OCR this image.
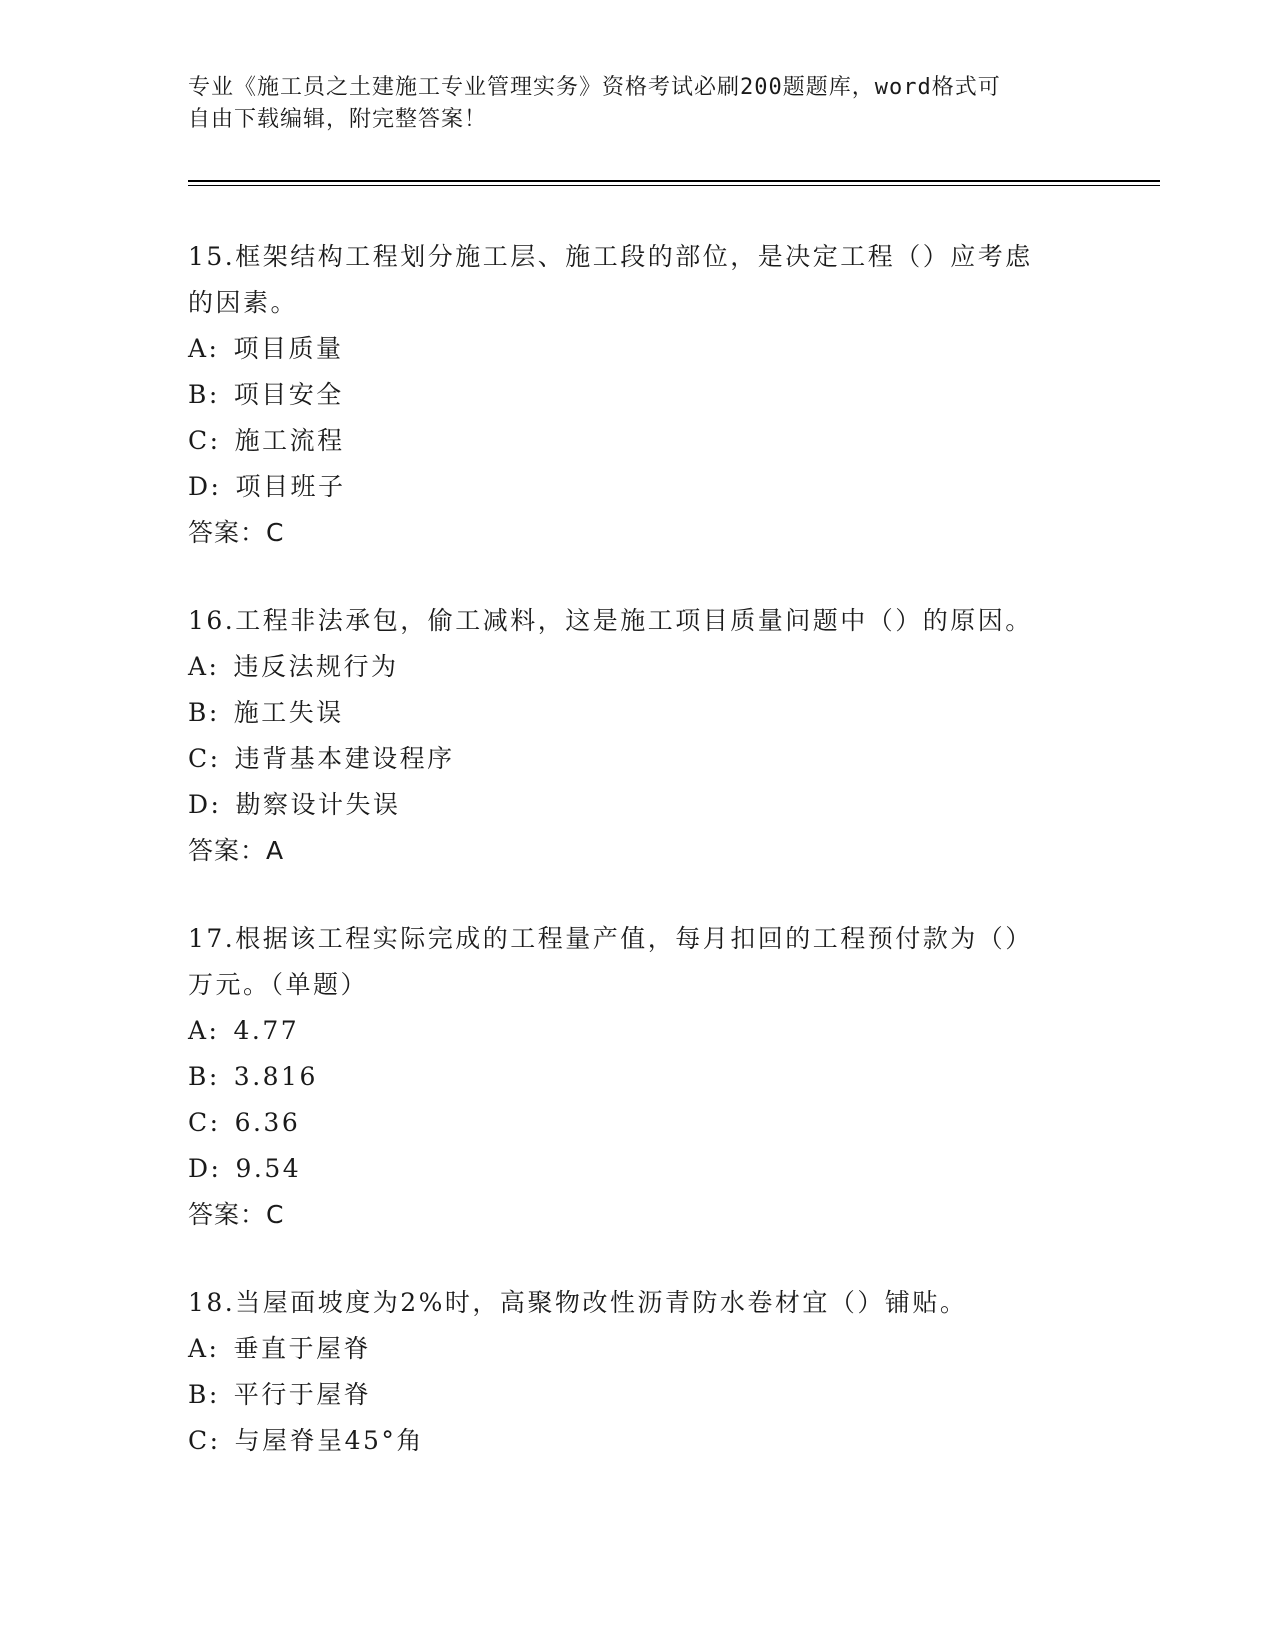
专业《施工员之土建施工专业管理实务》资格考试必刷200题题库，word格式可
自由下载编辑，附完整答案！
15.框架结构工程划分施工层、施工段的部位，是决定工程（）应考虑
的因素。
A: 项目质量
B: 项目安全
C: 施工流程
D: 项目班子
答案：C
16.工程非法承包，偷工减料，这是施工项目质量问题中（）的原因。
A: 违反法规行为
B: 施工失误
C: 违背基本建设程序
D: 勘察设计失误
答案：A
17.根据该工程实际完成的工程量产值，每月扣回的工程预付款为（）
万元。（单题）
A: 4.77
B: 3.816
C: 6.36
D: 9.54
答案：C
18.当屋面坡度为2%时，高聚物改性沥青防水卷材宜（）铺贴。
A: 垂直于屋脊
B: 平行于屋脊
C: 与屋脊呈45°角
